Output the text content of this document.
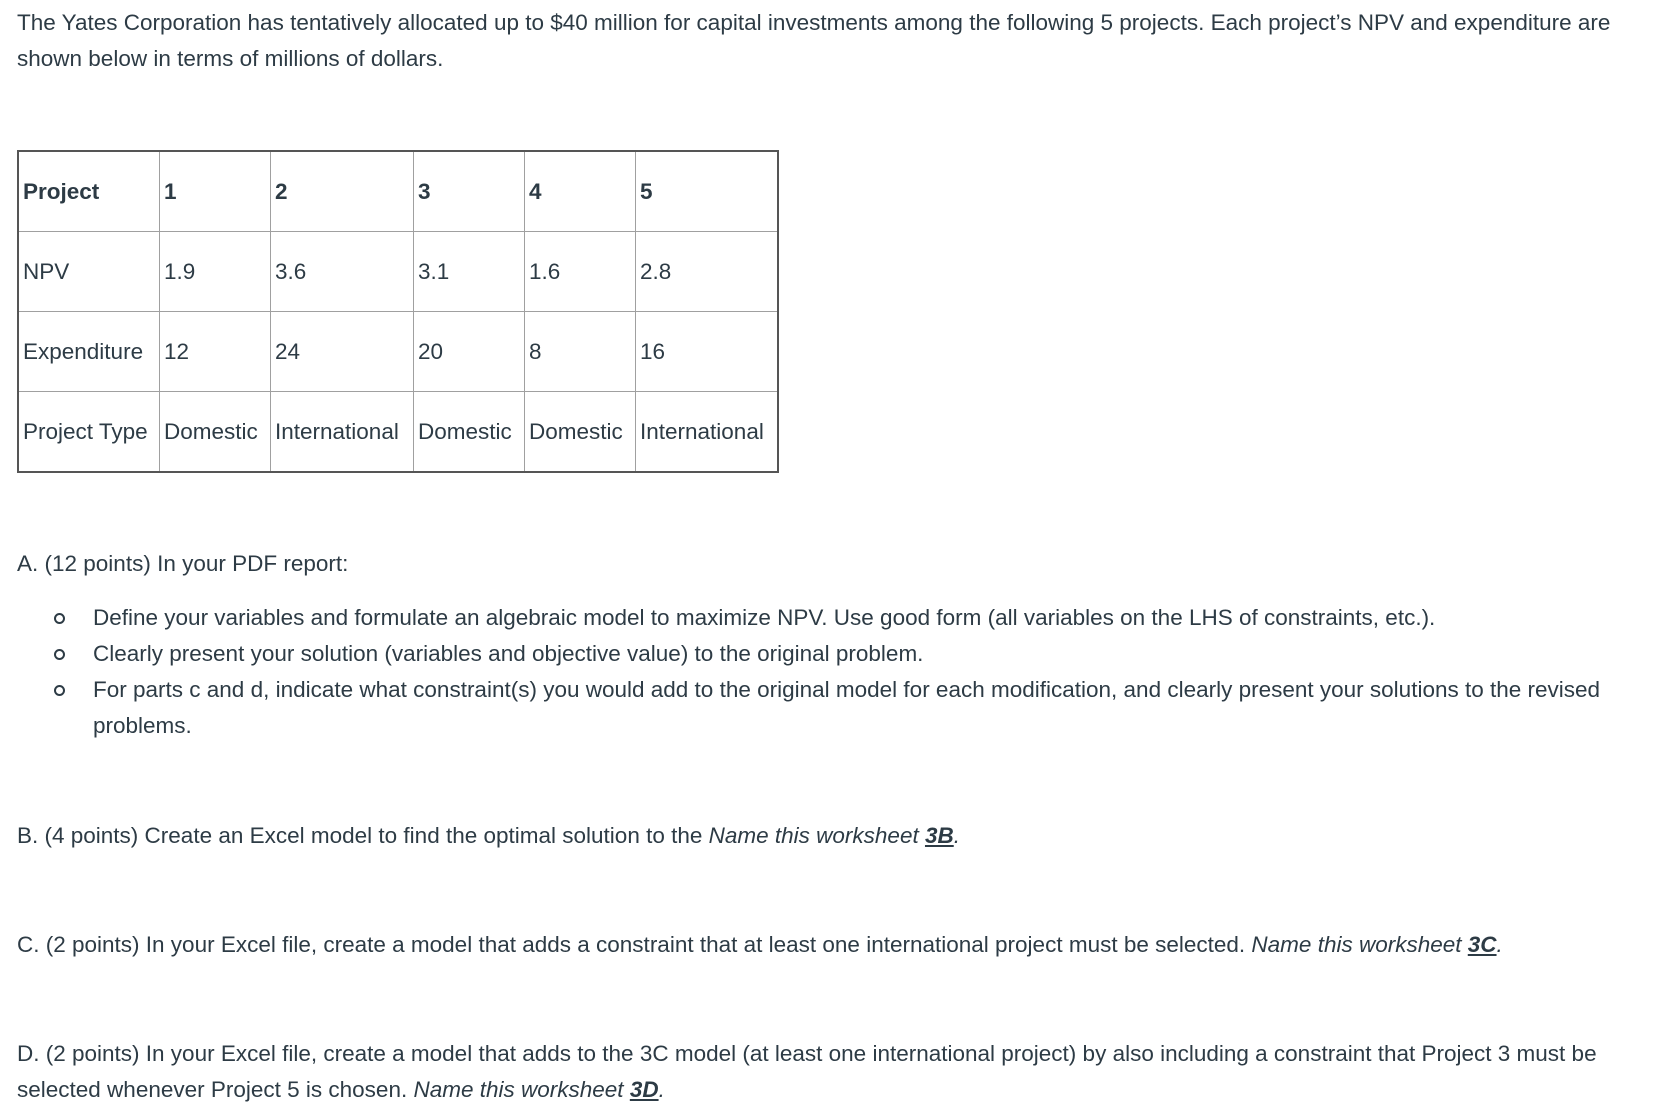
The Yates Corporation has tentatively allocated up to $40 million for capital investments among the following 5 projects. Each project’s NPV and expenditure are shown below in terms of millions of dollars.

Project	1	2	3	4	5
NPV	1.9	3.6	3.1	1.6	2.8
Expenditure	12	24	20	8	16
Project Type	Domestic	International	Domestic	Domestic	International

A. (12 points) In your PDF report:

Define your variables and formulate an algebraic model to maximize NPV. Use good form (all variables on the LHS of constraints, etc.).
Clearly present your solution (variables and objective value) to the original problem.
For parts c and d, indicate what constraint(s) you would add to the original model for each modification, and clearly present your solutions to the revised problems.

B. (4 points) Create an Excel model to find the optimal solution to the Name this worksheet 3B.

C. (2 points) In your Excel file, create a model that adds a constraint that at least one international project must be selected. Name this worksheet 3C.

D. (2 points) In your Excel file, create a model that adds to the 3C model (at least one international project) by also including a constraint that Project 3 must be selected whenever Project 5 is chosen. Name this worksheet 3D.
